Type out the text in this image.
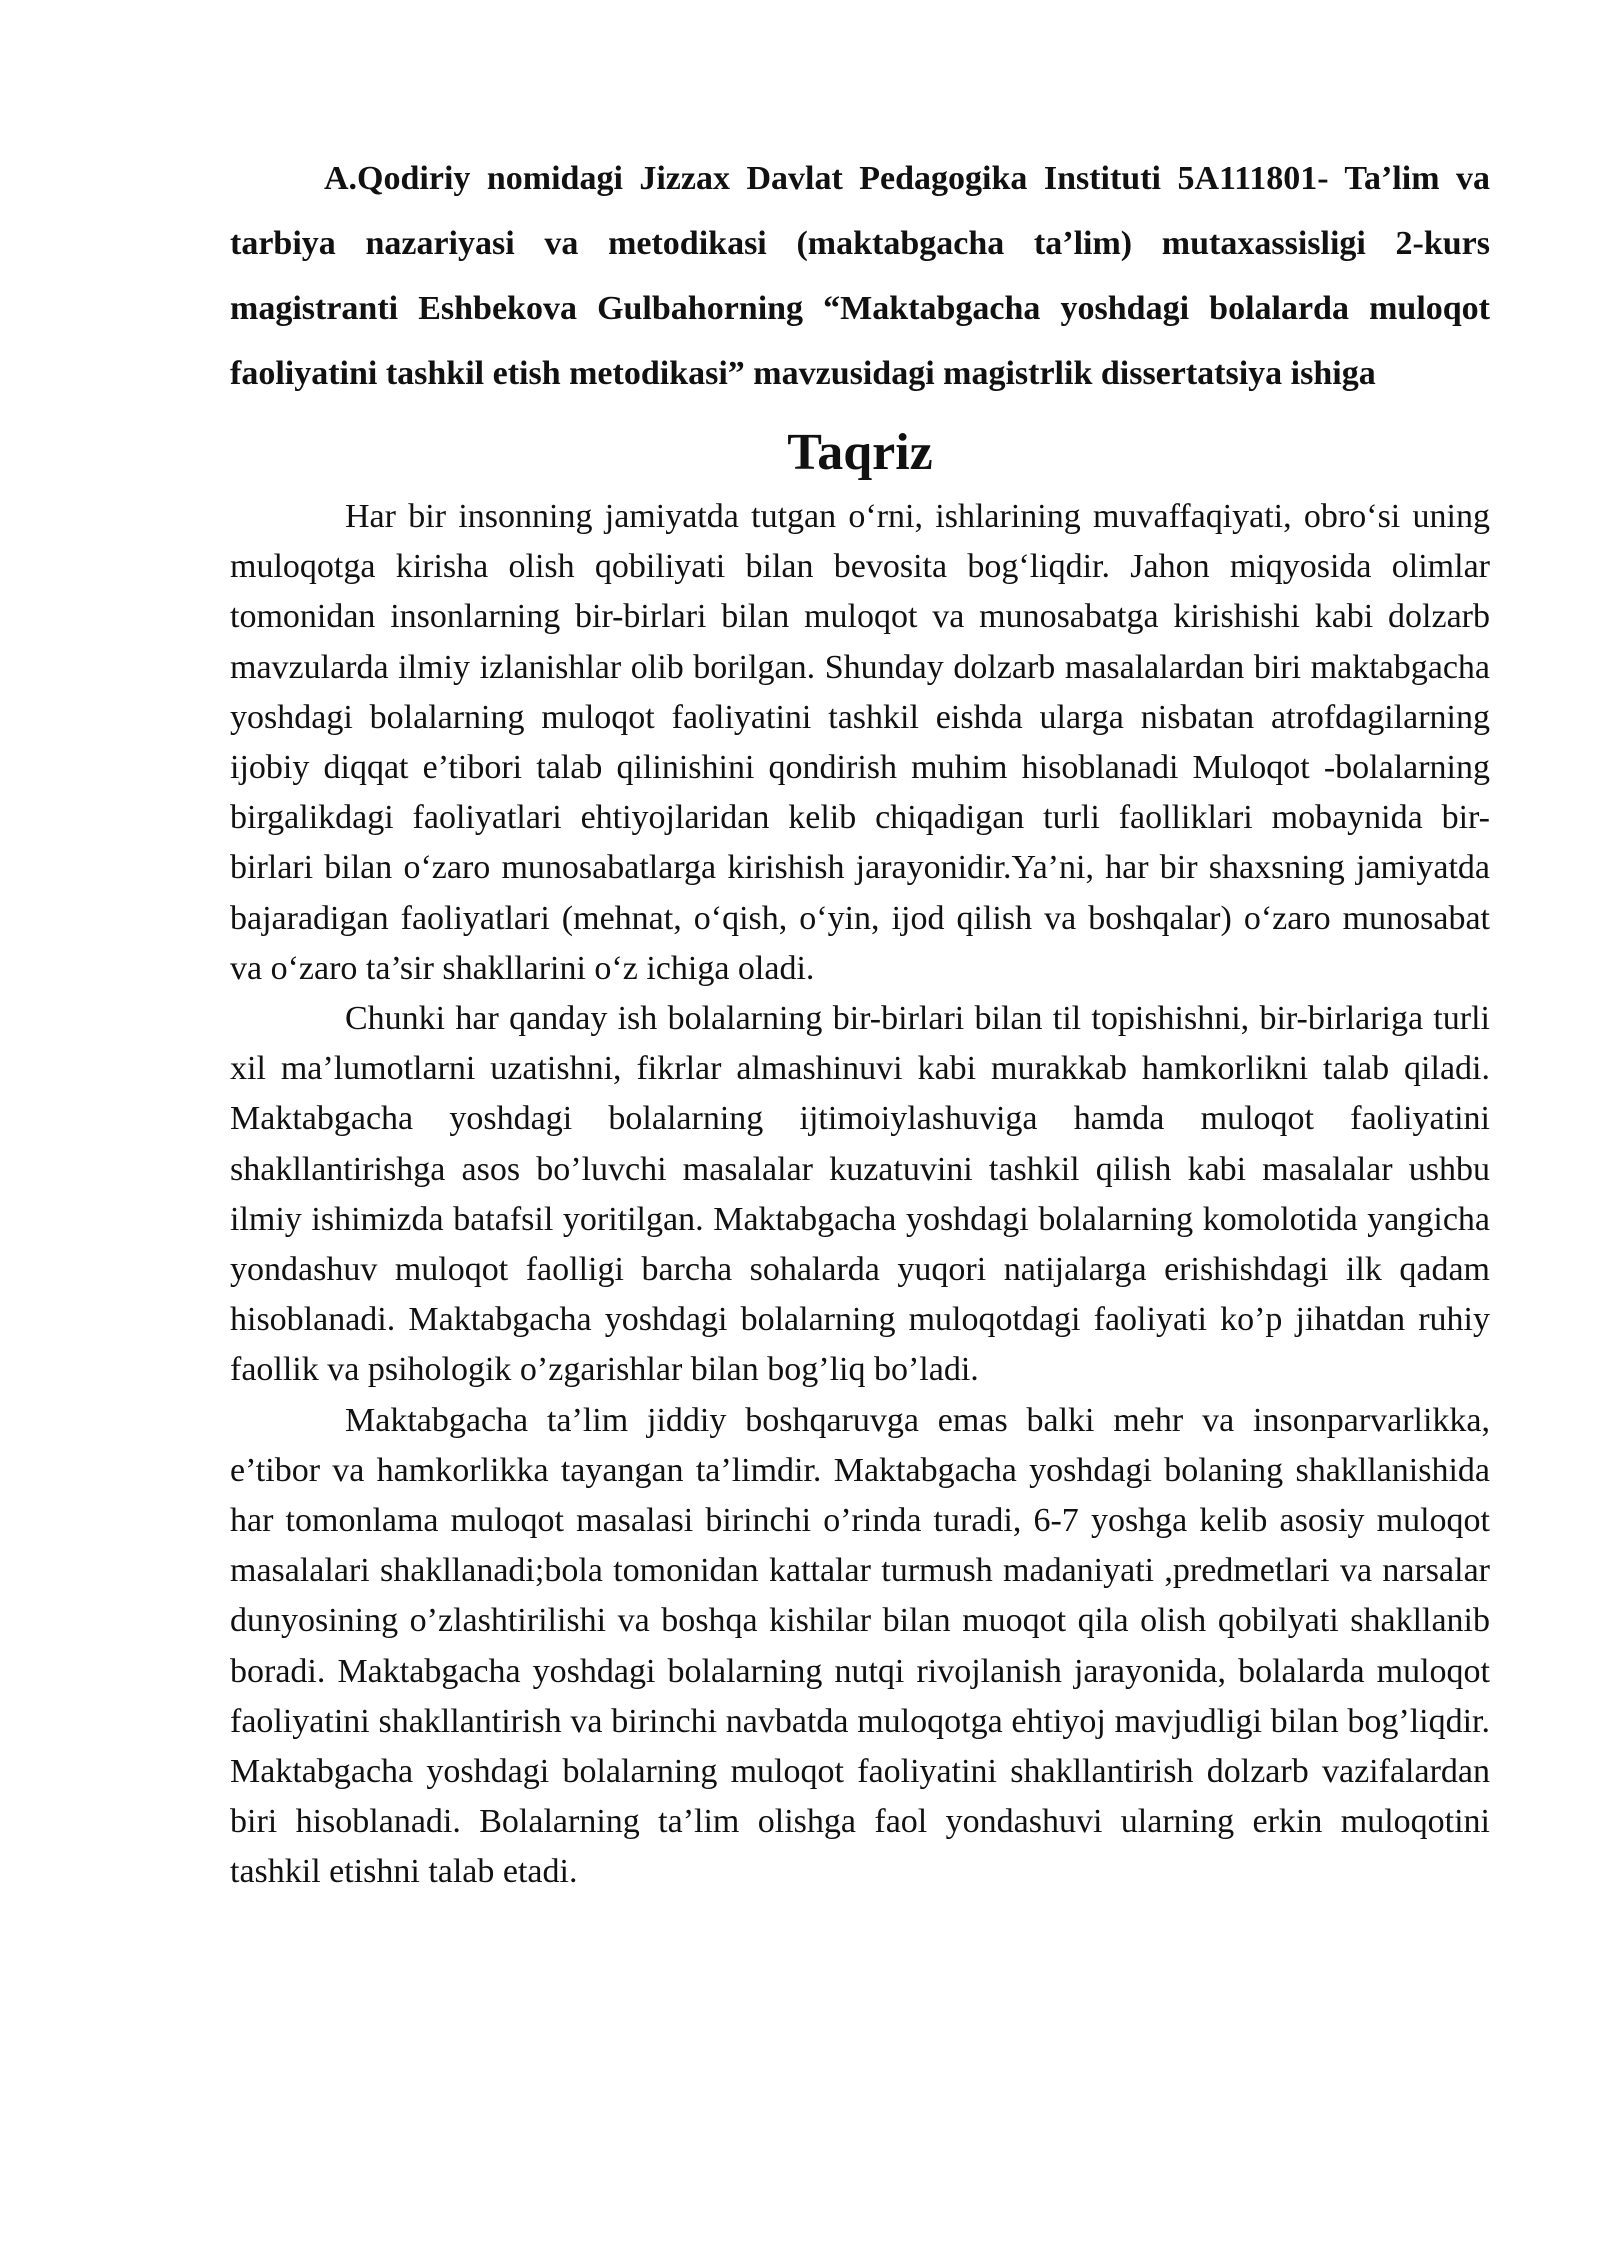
A.Qodiriy nomidagi Jizzax Davlat Pedagogika Instituti 5A111801- Ta’lim va tarbiya nazariyasi va metodikasi (maktabgacha ta’lim) mutaxassisligi 2-kurs magistranti Eshbekova Gulbahorning “Maktabgacha yoshdagi bolalarda muloqot faoliyatini tashkil etish metodikasi” mavzusidagi magistrlik dissertatsiya ishiga

Taqriz

Har bir insonning jamiyatda tutgan o‘rni, ishlarining muvaffaqiyati, obro‘si uning muloqotga kirisha olish qobiliyati bilan bevosita bog‘liqdir. Jahon miqyosida olimlar tomonidan insonlarning bir-birlari bilan muloqot va munosabatga kirishishi kabi dolzarb mavzularda ilmiy izlanishlar olib borilgan. Shunday dolzarb masalalardan biri maktabgacha yoshdagi bolalarning muloqot faoliyatini tashkil eishda ularga nisbatan atrofdagilarning ijobiy diqqat e’tibori talab qilinishini qondirish muhim hisoblanadi Muloqot -bolalarning birgalikdagi faoliyatlari ehtiyojlaridan kelib chiqadigan turli faolliklari mobaynida bir-birlari bilan o‘zaro munosabatlarga kirishish jarayonidir.Ya’ni, har bir shaxsning jamiyatda bajaradigan faoliyatlari (mehnat, o‘qish, o‘yin, ijod qilish va boshqalar) o‘zaro munosabat va o‘zaro ta’sir shakllarini o‘z ichiga oladi.

Chunki har qanday ish bolalarning bir-birlari bilan til topishishni, bir-birlariga turli xil ma’lumotlarni uzatishni, fikrlar almashinuvi kabi murakkab hamkorlikni talab qiladi. Maktabgacha yoshdagi bolalarning ijtimoiylashuviga hamda muloqot faoliyatini shakllantirishga asos bo’luvchi masalalar kuzatuvini tashkil qilish kabi masalalar ushbu ilmiy ishimizda batafsil yoritilgan. Maktabgacha yoshdagi bolalarning komolotida yangicha yondashuv muloqot faolligi barcha sohalarda yuqori natijalarga erishishdagi ilk qadam hisoblanadi. Maktabgacha yoshdagi bolalarning muloqotdagi faoliyati ko’p jihatdan ruhiy faollik va psihologik o’zgarishlar bilan bog’liq bo’ladi.

Maktabgacha ta’lim jiddiy boshqaruvga emas balki mehr va insonparvarlikka, e’tibor va hamkorlikka tayangan ta’limdir. Maktabgacha yoshdagi bolaning shakllanishida har tomonlama muloqot masalasi birinchi o’rinda turadi, 6-7 yoshga kelib asosiy muloqot masalalari shakllanadi;bola tomonidan kattalar turmush madaniyati ,predmetlari va narsalar dunyosining o’zlashtirilishi va boshqa kishilar bilan muoqot qila olish qobilyati shakllanib boradi. Maktabgacha yoshdagi bolalarning nutqi rivojlanish jarayonida, bolalarda muloqot faoliyatini shakllantirish va birinchi navbatda muloqotga ehtiyoj mavjudligi bilan bog’liqdir. Maktabgacha yoshdagi bolalarning muloqot faoliyatini shakllantirish dolzarb vazifalardan biri hisoblanadi. Bolalarning ta’lim olishga faol yondashuvi ularning erkin muloqotini tashkil etishni talab etadi.
